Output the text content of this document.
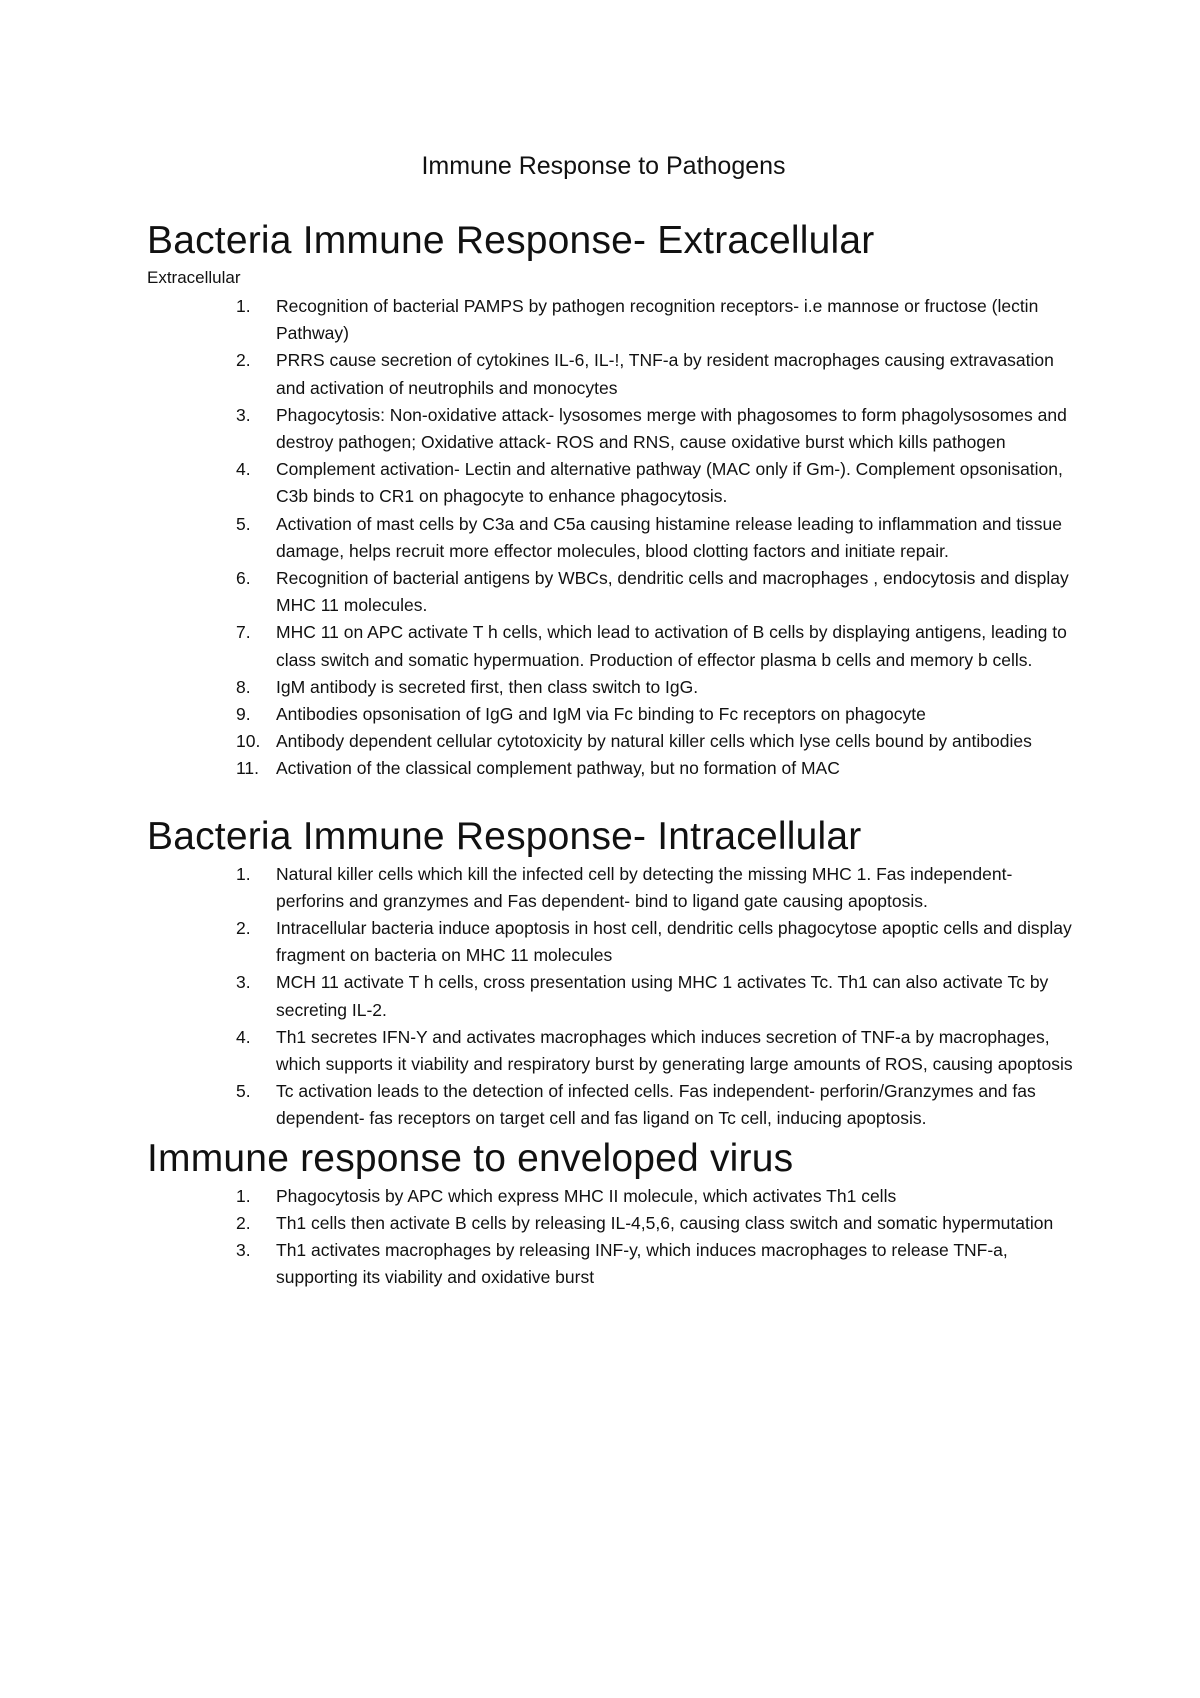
Immune Response to Pathogens
Bacteria Immune Response- Extracellular
Extracellular
1.	Recognition of bacterial PAMPS by pathogen recognition receptors- i.e mannose or fructose (lectin Pathway)
2.	PRRS cause secretion of cytokines IL-6, IL-!, TNF-a by resident macrophages causing extravasation and activation of neutrophils and monocytes
3.	Phagocytosis: Non-oxidative attack- lysosomes merge with phagosomes to form phagolysosomes and destroy pathogen; Oxidative attack- ROS and RNS, cause oxidative burst which kills pathogen
4.	Complement activation- Lectin and alternative pathway (MAC only if Gm-). Complement opsonisation, C3b binds to CR1 on phagocyte to enhance phagocytosis.
5.	Activation of mast cells by C3a and C5a causing histamine release leading to inflammation and tissue damage, helps recruit more effector molecules, blood clotting factors and initiate repair.
6.	Recognition of bacterial antigens by WBCs, dendritic cells and macrophages , endocytosis and display MHC 11 molecules.
7.	MHC 11 on APC activate T h cells, which lead to activation of B cells by displaying antigens, leading to class switch and somatic hypermuation. Production of effector plasma b cells and memory b cells.
8.	IgM antibody is secreted first, then class switch to IgG.
9.	Antibodies opsonisation of IgG and IgM via Fc binding to Fc receptors on phagocyte
10. Antibody dependent cellular cytotoxicity by natural killer cells which lyse cells bound by antibodies
11. Activation of the classical complement pathway, but no formation of MAC
Bacteria Immune Response- Intracellular
1.	Natural killer cells which kill the infected cell by detecting the missing MHC 1. Fas independent- perforins and granzymes and Fas dependent- bind to ligand gate causing apoptosis.
2.	Intracellular bacteria induce apoptosis in host cell, dendritic cells phagocytose apoptic cells and display fragment on bacteria on MHC 11 molecules
3.	MCH 11 activate T h cells, cross presentation using MHC 1 activates Tc. Th1 can also activate Tc by secreting IL-2.
4.	Th1 secretes IFN-Y and activates macrophages which induces secretion of TNF-a by macrophages, which supports it viability and respiratory burst by generating large amounts of ROS, causing apoptosis
5.	Tc activation leads to the detection of infected cells. Fas independent- perforin/Granzymes and fas dependent- fas receptors on target cell and fas ligand on Tc cell, inducing apoptosis.
Immune response to enveloped virus
1.	Phagocytosis by APC which express MHC II molecule, which activates Th1 cells
2.	Th1 cells then activate B cells by releasing IL-4,5,6, causing class switch and somatic hypermutation
3.	Th1 activates macrophages by releasing INF-y, which induces macrophages to release TNF-a, supporting its viability and oxidative burst
